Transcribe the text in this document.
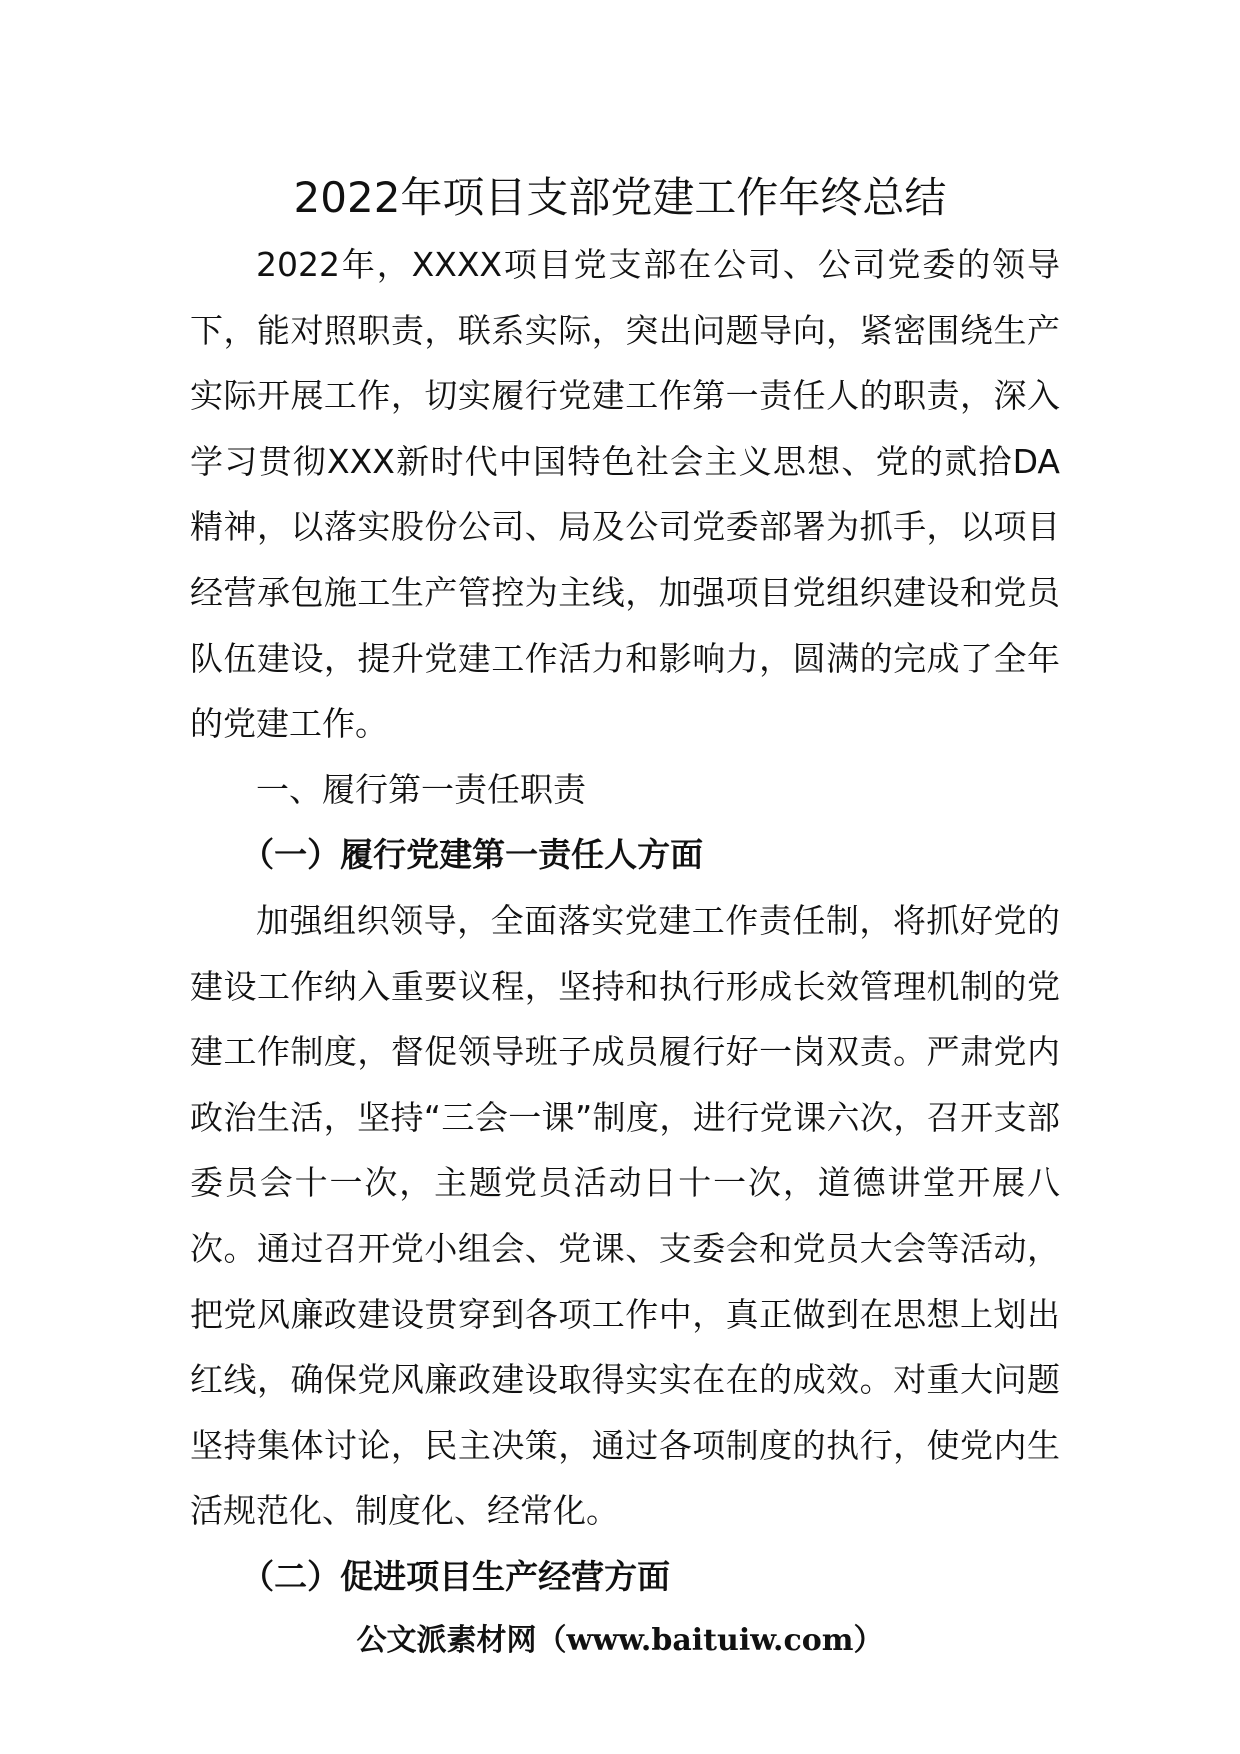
2022年项目支部党建工作年终总结

2022年，XXXX项目党支部在公司、公司党委的领导下，能对照职责，联系实际，突出问题导向，紧密围绕生产实际开展工作，切实履行党建工作第一责任人的职责，深入学习贯彻XXX新时代中国特色社会主义思想、党的贰拾DA精神，以落实股份公司、局及公司党委部署为抓手，以项目经营承包施工生产管控为主线，加强项目党组织建设和党员队伍建设，提升党建工作活力和影响力，圆满的完成了全年的党建工作。

一、履行第一责任职责

（一）履行党建第一责任人方面

加强组织领导，全面落实党建工作责任制，将抓好党的建设工作纳入重要议程，坚持和执行形成长效管理机制的党建工作制度，督促领导班子成员履行好一岗双责。严肃党内政治生活，坚持“三会一课”制度，进行党课六次，召开支部委员会十一次，主题党员活动日十一次，道德讲堂开展八次。通过召开党小组会、党课、支委会和党员大会等活动，把党风廉政建设贯穿到各项工作中，真正做到在思想上划出红线，确保党风廉政建设取得实实在在的成效。对重大问题坚持集体讨论，民主决策，通过各项制度的执行，使党内生活规范化、制度化、经常化。

（二）促进项目生产经营方面

公文派素材网（www.baituiw.com）
